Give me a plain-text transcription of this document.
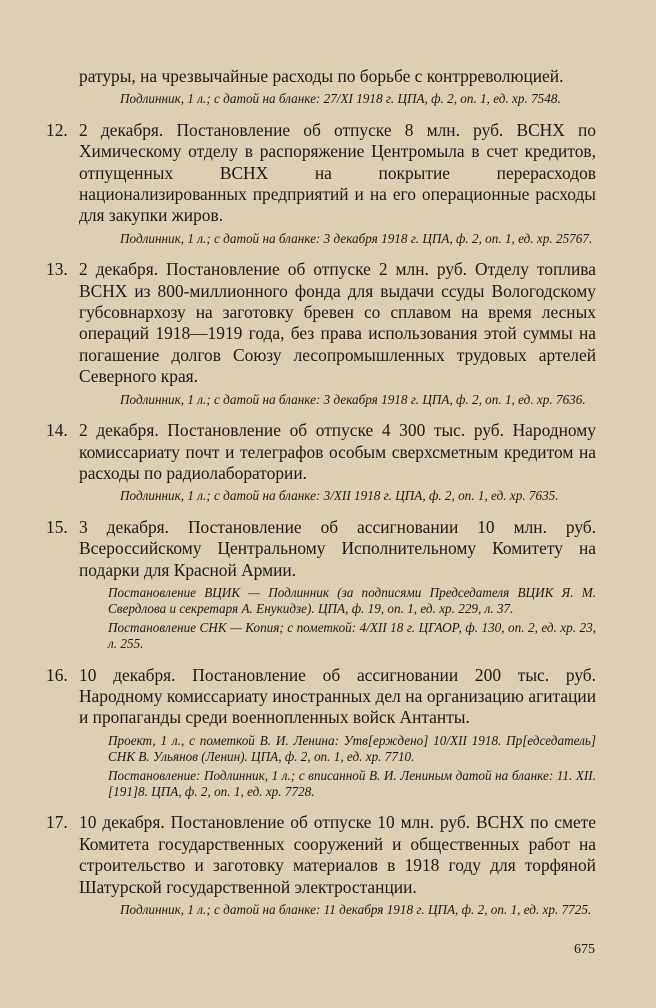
ратуры, на чрезвычайные расходы по борьбе с контрреволюцией.
Подлинник, 1 л.; с датой на бланке: 27/XI 1918 г. ЦПА, ф. 2, оп. 1, ед. хр. 7548.
12. 2 декабря. Постановление об отпуске 8 млн. руб. ВСНХ по Химическому отделу в распоряжение Центромыла в счет кредитов, отпущенных ВСНХ на покрытие перерасходов национализированных предприятий и на его операционные расходы для закупки жиров.

Подлинник, 1 л.; с датой на бланке: 3 декабря 1918 г. ЦПА, ф. 2, оп. 1, ед. хр. 25767.

13. 2 декабря. Постановление об отпуске 2 млн. руб. Отделу топлива ВСНХ из 800-миллионного фонда для выдачи ссуды Вологодскому губсовнархозу на заготовку бревен со сплавом на время лесных операций 1918—1919 года, без права использования этой суммы на погашение долгов Союзу лесопромышленных трудовых артелей Северного края.

Подлинник, 1 л.; с датой на бланке: 3 декабря 1918 г. ЦПА, ф. 2, оп. 1, ед. хр. 7636.

14. 2 декабря. Постановление об отпуске 4 300 тыс. руб. Народному комиссариату почт и телеграфов особым сверхсметным кредитом на расходы по радиолаборатории.

Подлинник, 1 л.; с датой на бланке: 3/XII 1918 г. ЦПА, ф. 2, оп. 1, ед. хр. 7635.

15. 3 декабря. Постановление об ассигновании 10 млн. руб. Всероссийскому Центральному Исполнительному Комитету на подарки для Красной Армии.

Постановление ВЦИК — Подлинник (за подписями Председателя ВЦИК Я. М. Свердлова и секретаря А. Енукидзе). ЦПА, ф. 19, оп. 1, ед. хр. 229, л. 37.

Постановление СНК — Копия; с пометкой: 4/XII 18 г. ЦГАОР, ф. 130, оп. 2, ед. хр. 23, л. 255.

16. 10 декабря. Постановление об ассигновании 200 тыс. руб. Народному комиссариату иностранных дел на организацию агитации и пропаганды среди военнопленных войск Антанты.

Проект, 1 л., с пометкой В. И. Ленина: Утв[ерждено] 10/XII 1918. Пр[едседатель] СНК В. Ульянов (Ленин). ЦПА, ф. 2, оп. 1, ед. хр. 7710.

Постановление: Подлинник, 1 л.; с вписанной В. И. Лениным датой на бланке: 11. XII. [191]8. ЦПА, ф. 2, оп. 1, ед. хр. 7728.

17. 10 декабря. Постановление об отпуске 10 млн. руб. ВСНХ по смете Комитета государственных сооружений и общественных работ на строительство и заготовку материалов в 1918 году для торфяной Шатурской государственной электростанции.

Подлинник, 1 л.; с датой на бланке: 11 декабря 1918 г. ЦПА, ф. 2, оп. 1, ед. хр. 7725.

675
